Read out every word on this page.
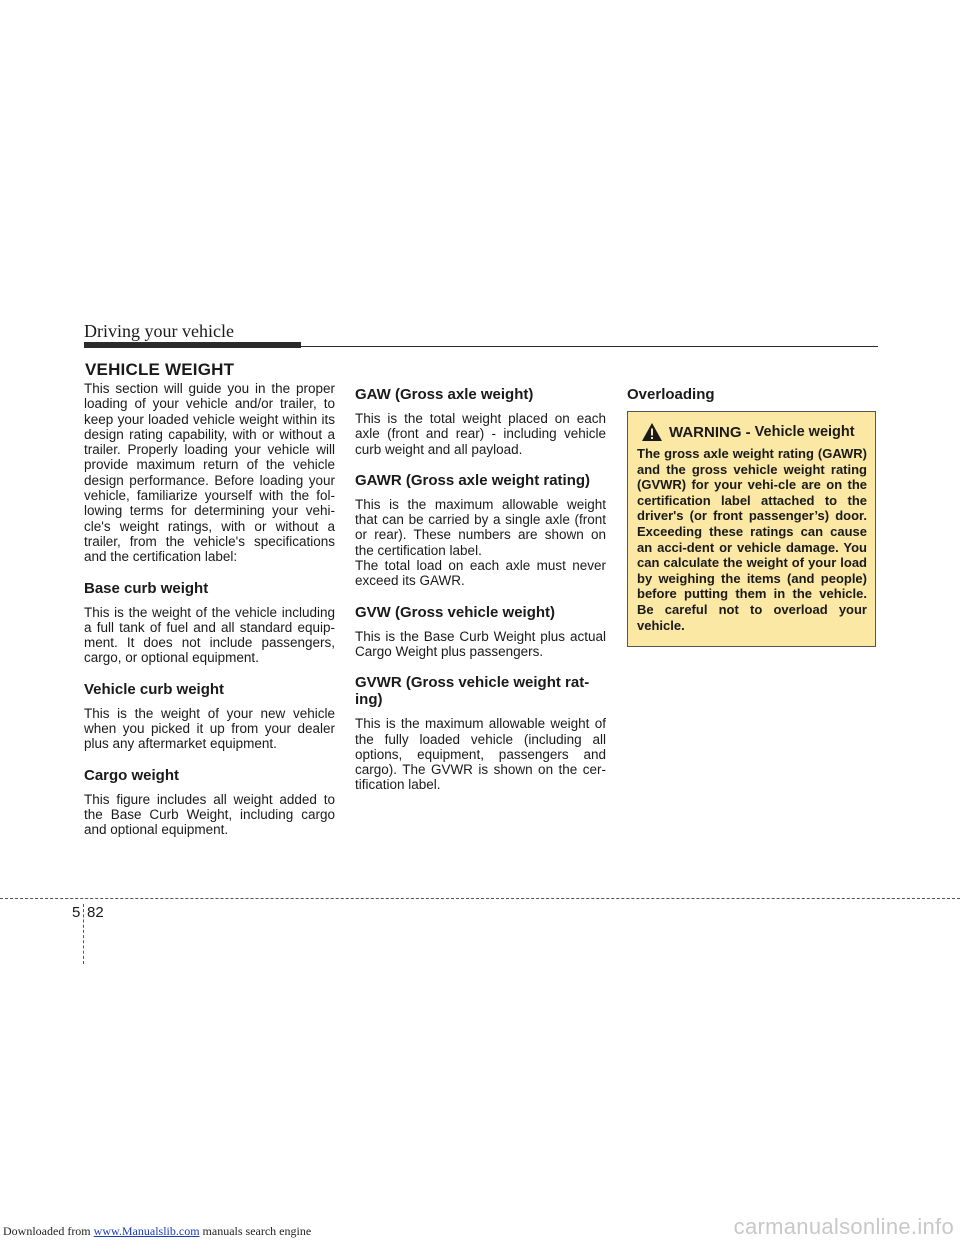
Driving your vehicle
VEHICLE WEIGHT

This section will guide you in the proper loading of your vehicle and/or trailer, to keep your loaded vehicle weight within its design rating capability, with or without a trailer. Properly loading your vehicle will provide maximum return of the vehicle design performance. Before loading your vehicle, familiarize yourself with the fol-lowing terms for determining your vehi-cle's weight ratings, with or without a trailer, from the vehicle's specifications and the certification label:

Base curb weight

This is the weight of the vehicle including a full tank of fuel and all standard equip-ment. It does not include passengers, cargo, or optional equipment.

Vehicle curb weight

This is the weight of your new vehicle when you picked it up from your dealer plus any aftermarket equipment.

Cargo weight

This figure includes all weight added to the Base Curb Weight, including cargo and optional equipment.

GAW (Gross axle weight)

This is the total weight placed on each axle (front and rear) - including vehicle curb weight and all payload.

GAWR (Gross axle weight rating)

This is the maximum allowable weight that can be carried by a single axle (front or rear). These numbers are shown on the certification label.

The total load on each axle must never exceed its GAWR.

GVW (Gross vehicle weight)

This is the Base Curb Weight plus actual Cargo Weight plus passengers.

GVWR (Gross vehicle weight rat-ing)

This is the maximum allowable weight of the fully loaded vehicle (including all options, equipment, passengers and cargo). The GVWR is shown on the cer-tification label.

Overloading
WARNING - Vehicle weight
The gross axle weight rating (GAWR) and the gross vehicle weight rating (GVWR) for your vehi-cle are on the certification label attached to the driver's (or front passenger’s) door. Exceeding these ratings can cause an acci-dent or vehicle damage. You can calculate the weight of your load by weighing the items (and people) before putting them in the vehicle. Be careful not to overload your vehicle.
5 82
Downloaded from www.Manualslib.com manuals search engine	carmanualsonline.info
